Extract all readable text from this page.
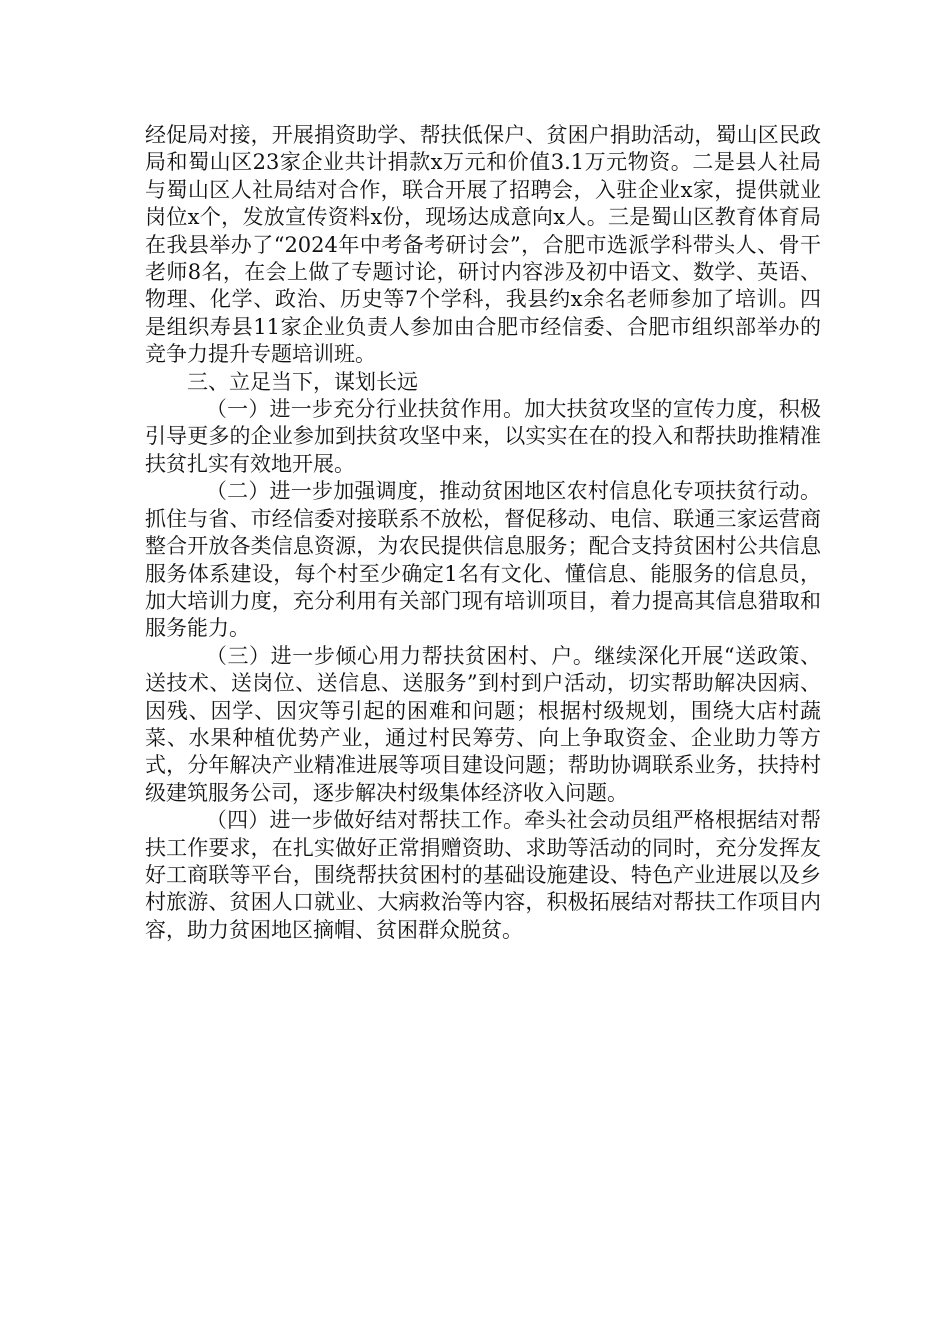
经促局对接，开展捐资助学、帮扶低保户、贫困户捐助活动，蜀山区民政局和蜀山区23家企业共计捐款x万元和价值3.1万元物资。二是县人社局与蜀山区人社局结对合作，联合开展了招聘会，入驻企业x家，提供就业岗位x个，发放宣传资料x份，现场达成意向x人。三是蜀山区教育体育局在我县举办了“2024年中考备考研讨会”，合肥市选派学科带头人、骨干老师8名，在会上做了专题讨论，研讨内容涉及初中语文、数学、英语、物理、化学、政治、历史等7个学科，我县约x余名老师参加了培训。四是组织寿县11家企业负责人参加由合肥市经信委、合肥市组织部举办的竞争力提升专题培训班。

三、立足当下，谋划长远

（一）进一步充分行业扶贫作用。加大扶贫攻坚的宣传力度，积极引导更多的企业参加到扶贫攻坚中来，以实实在在的投入和帮扶助推精准扶贫扎实有效地开展。

（二）进一步加强调度，推动贫困地区农村信息化专项扶贫行动。抓住与省、市经信委对接联系不放松，督促移动、电信、联通三家运营商整合开放各类信息资源，为农民提供信息服务；配合支持贫困村公共信息服务体系建设，每个村至少确定1名有文化、懂信息、能服务的信息员，加大培训力度，充分利用有关部门现有培训项目，着力提高其信息猎取和服务能力。

（三）进一步倾心用力帮扶贫困村、户。继续深化开展“送政策、送技术、送岗位、送信息、送服务”到村到户活动，切实帮助解决因病、因残、因学、因灾等引起的困难和问题；根据村级规划，围绕大店村蔬菜、水果种植优势产业，通过村民筹劳、向上争取资金、企业助力等方式，分年解决产业精准进展等项目建设问题；帮助协调联系业务，扶持村级建筑服务公司，逐步解决村级集体经济收入问题。

（四）进一步做好结对帮扶工作。牵头社会动员组严格根据结对帮扶工作要求，在扎实做好正常捐赠资助、求助等活动的同时，充分发挥友好工商联等平台，围绕帮扶贫困村的基础设施建设、特色产业进展以及乡村旅游、贫困人口就业、大病救治等内容，积极拓展结对帮扶工作项目内容，助力贫困地区摘帽、贫困群众脱贫。
